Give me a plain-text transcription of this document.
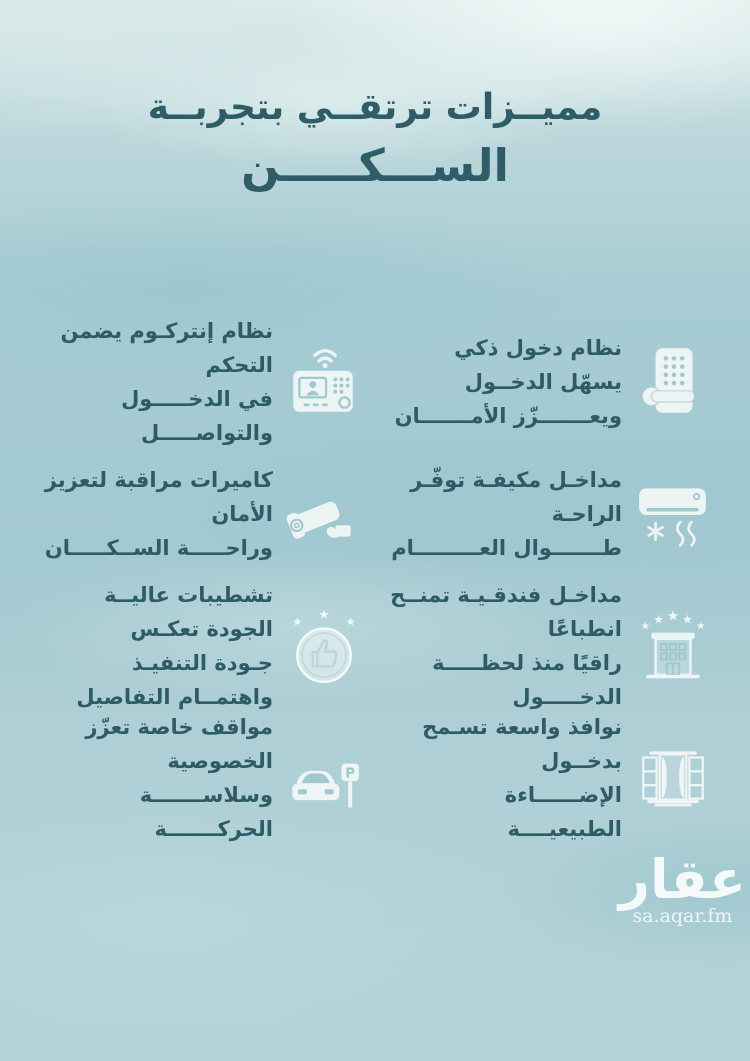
مميــزات ترتقــي بتجربــة
الســـكـــــن
نظام دخول ذكي يسهّل الدخــول
ويعـــــــزّز الأمـــــــان
نظام إنتركـوم يضمن التحكم
في الدخـــــول والتواصـــــل
مداخـل مكيفـة توفّـر الراحـة
طـــــــوال العـــــــــام
كاميرات مراقبة لتعزيز الأمان
وراحـــــة الســكـــــان
★ ★ ★ ★ ★
مداخـل فندقـيـة تمنــح انطباعًا
راقيًا منذ لحظـــــة الدخـــــول
★
★
★
تشطيبات عاليــة الجودة تعكـس
جـودة التنفيـذ واهتمــام التفاصيل
نوافذ واسعة تسـمح بدخــول
الإضــــــاءة الطبيعيــــة
P
مواقف خاصة تعزّز الخصوصية
وسلاســـــــة الحركـــــــة
عقار
sa.aqar.fm
